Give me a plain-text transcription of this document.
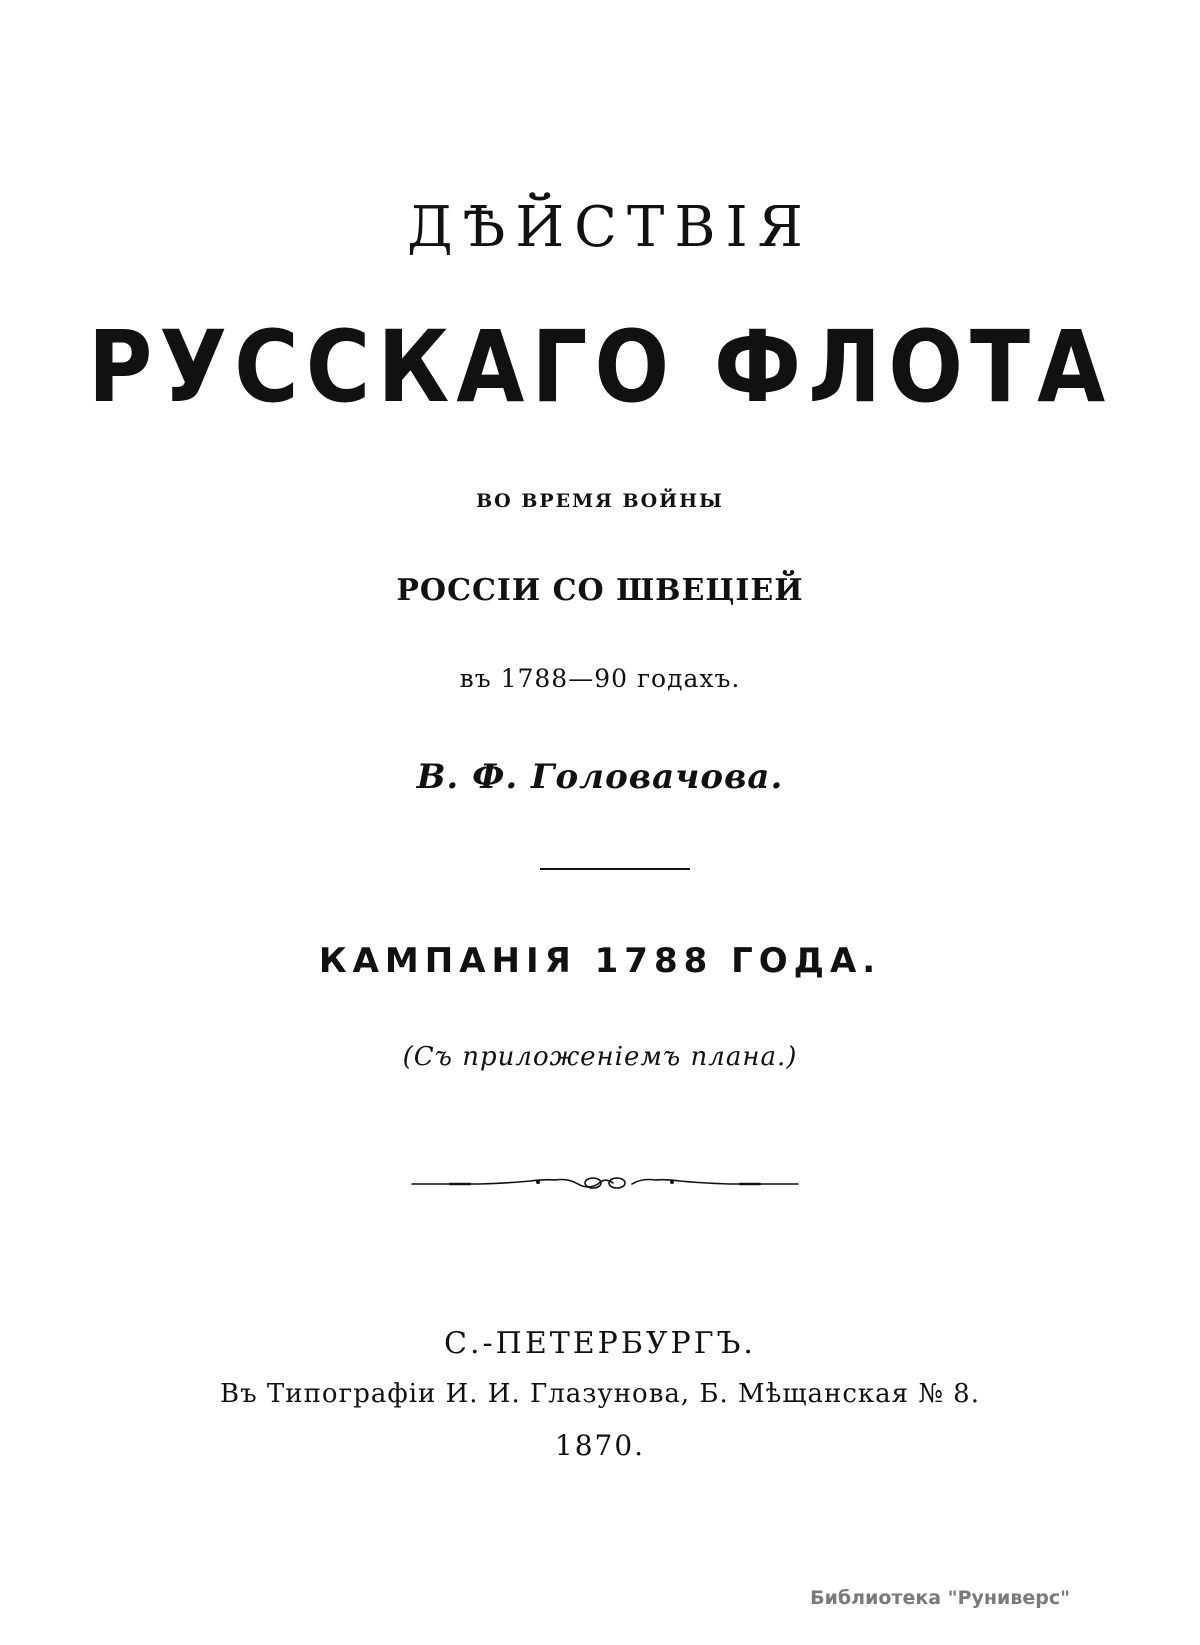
ДѢЙСТВІЯ
РУССКАГО ФЛОТА
ВО ВРЕМЯ ВОЙНЫ
РОССІИ СО ШВЕЦІЕЙ
въ 1788—90 годахъ.
В. Ф. Головачова.
КАМПАНІЯ 1788 ГОДА.
(Съ приложеніемъ плана.)
С.-ПЕТЕРБУРГЪ.
Въ Типографіи И. И. Глазунова, Б. Мѣщанская № 8.
1870.
Библиотека "Руниверс"
